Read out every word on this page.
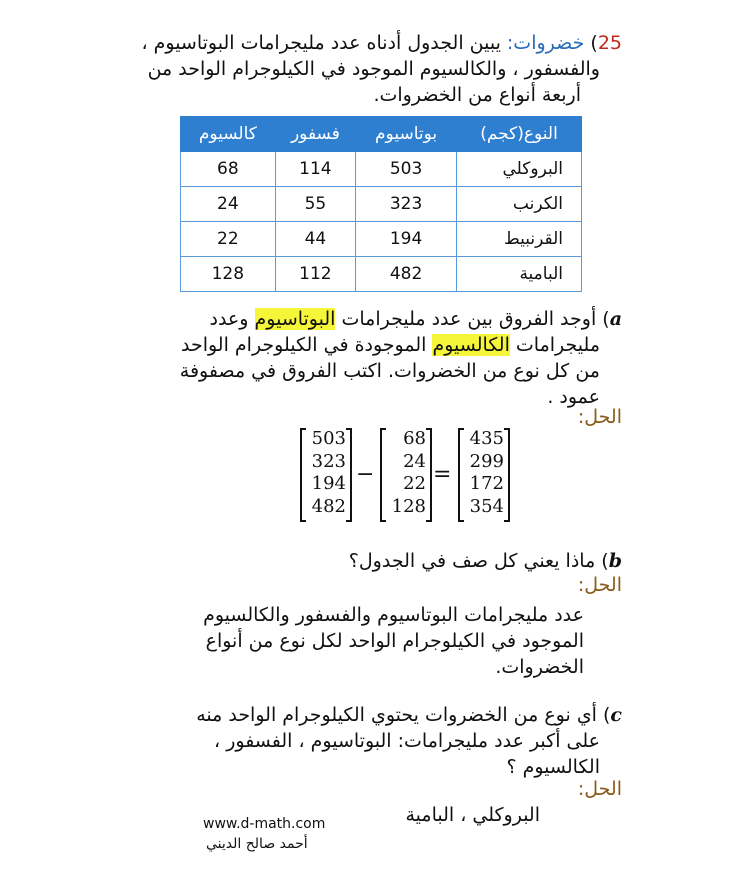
25) خضروات: يبين الجدول أدناه عدد مليجرامات البوتاسيوم ،
والفسفور ، والكالسيوم الموجود في الكيلوجرام الواحد من
أربعة أنواع من الخضروات.
النوع(كجم)	بوتاسيوم	فسفور	كالسيوم
البروكلي	503	114	68
الكرنب	323	55	24
القرنبيط	194	44	22
البامية	482	112	128
a) أوجد الفروق بين عدد مليجرامات البوتاسيوم وعدد
مليجرامات الكالسيوم الموجودة في الكيلوجرام الواحد
من كل نوع من الخضروات. اكتب الفروق في مصفوفة
عمود .
الحل:
503
323
194
482
−
68
24
22
128
=
435
299
172
354
b) ماذا يعني كل صف في الجدول؟
الحل:
عدد مليجرامات البوتاسيوم والفسفور والكالسيوم
الموجود في الكيلوجرام الواحد لكل نوع من أنواع
الخضروات.
c) أي نوع من الخضروات يحتوي الكيلوجرام الواحد منه
على أكبر عدد مليجرامات: البوتاسيوم ، الفسفور ،
الكالسيوم ؟
الحل:
البروكلي ، البامية
www.d-math.com
أحمد صالح الديني
